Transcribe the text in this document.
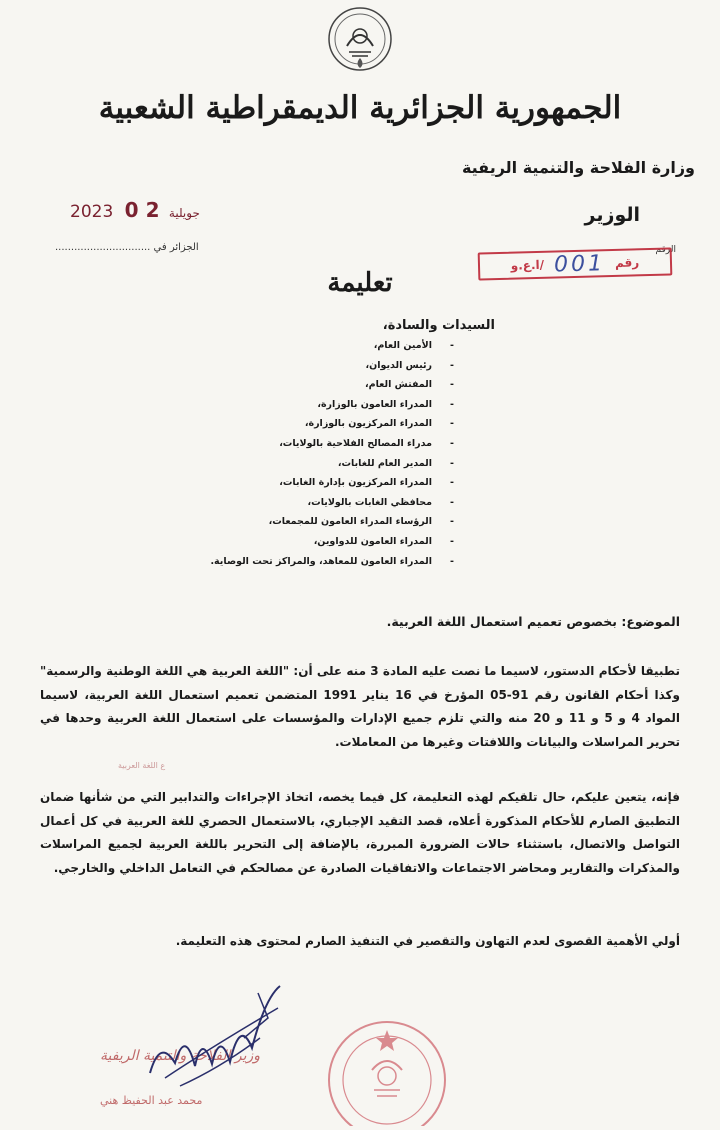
الجمهورية الجزائرية الديمقراطية الشعبية
وزارة الفلاحة والتنمية الريفية
2023	جويلية 2 0	الوزير
الجزائر في ..............................	الرقم
رقم
001
/ا.ع.و
تعليمة
السيدات والسادة،
- الأمين العام،
- رئيس الديوان،
- المفتش العام،
- المدراء العامون بالوزارة،
- المدراء المركزيون بالوزارة،
- مدراء المصالح الفلاحية بالولايات،
- المدير العام للغابات،
- المدراء المركزيون بإدارة الغابات،
- محافظي الغابات بالولايات،
- الرؤساء المدراء العامون للمجمعات،
- المدراء العامون للدواوين،
- المدراء العامون للمعاهد، والمراكز تحت الوصاية.
الموضوع: بخصوص تعميم استعمال اللغة العربية.
تطبيقا لأحكام الدستور، لاسيما ما نصت عليه المادة 3 منه على أن: "اللغة العربية هي اللغة الوطنية والرسمية" وكذا أحكام القانون رقم 91-05 المؤرخ في 16 يناير 1991 المتضمن تعميم استعمال اللغة العربية، لاسيما المواد 4 و 5 و 11 و 20 منه والتي تلزم جميع الإدارات والمؤسسات على استعمال اللغة العربية وحدها في تحرير المراسلات والبيانات واللافتات وغيرها من المعاملات.
ع اللغة العربية
فإنه، يتعين عليكم، حال تلقيكم لهذه التعليمة، كل فيما يخصه، اتخاذ الإجراءات والتدابير التي من شأنها ضمان التطبيق الصارم للأحكام المذكورة أعلاه، قصد التقيد الإجباري، بالاستعمال الحصري للغة العربية في كل أعمال التواصل والاتصال، باستثناء حالات الضرورة المبررة، بالإضافة إلى التحرير باللغة العربية لجميع المراسلات والمذكرات والتقارير ومحاضر الاجتماعات والاتفاقيات الصادرة عن مصالحكم في التعامل الداخلي والخارجي.
أولي الأهمية القصوى لعدم التهاون والتقصير في التنفيذ الصارم لمحتوى هذه التعليمة.
وزير الفلاحة والتنمية الريفية
محمد عبد الحفيظ هني
